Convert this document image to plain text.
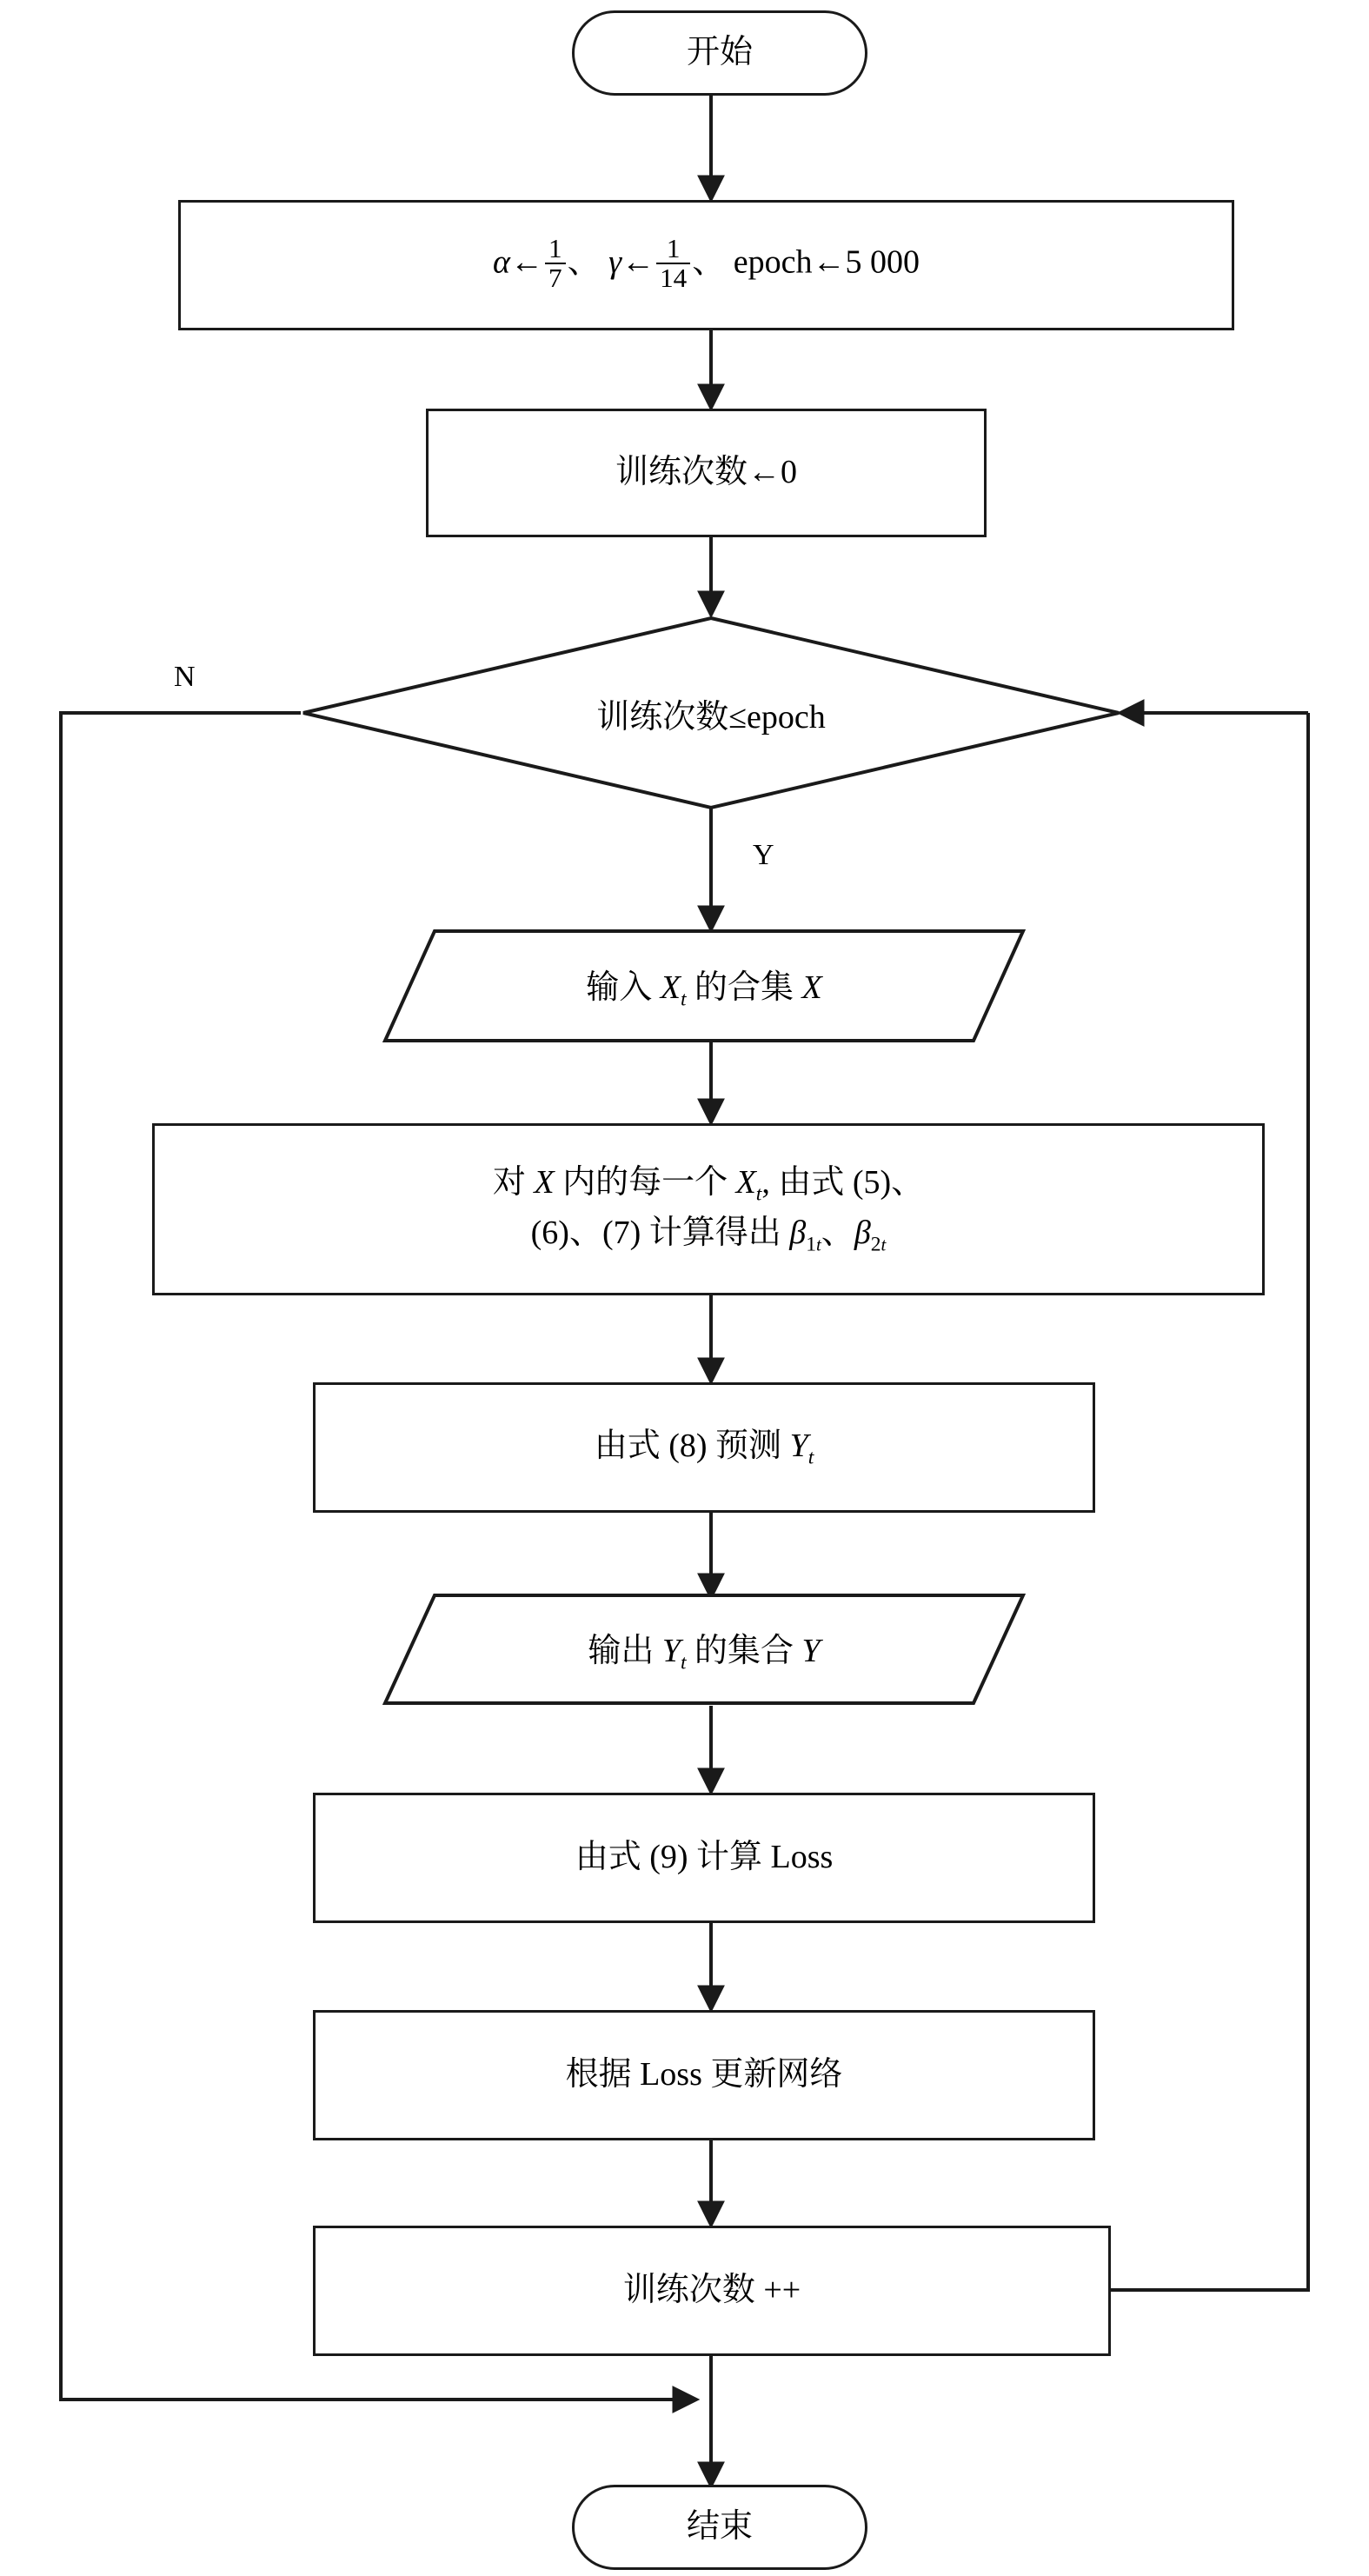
开始
α← $\frac{1}{7}$ 、 γ← $\frac{1}{14}$ 、 epoch←5 000
训练次数←0
训练次数≤epoch
N
Y
输入 $X_t$ 的合集 X
对 X 内的每一个 $X_t$, 由式 (5)、
(6)、(7) 计算得出 $\beta_{1t}$、$\beta_{2t}$
由式 (8) 预测 $Y_t$
输出 $Y_t$ 的集合 Y
由式 (9) 计算 Loss
根据 Loss 更新网络
训练次数 ++
结束
